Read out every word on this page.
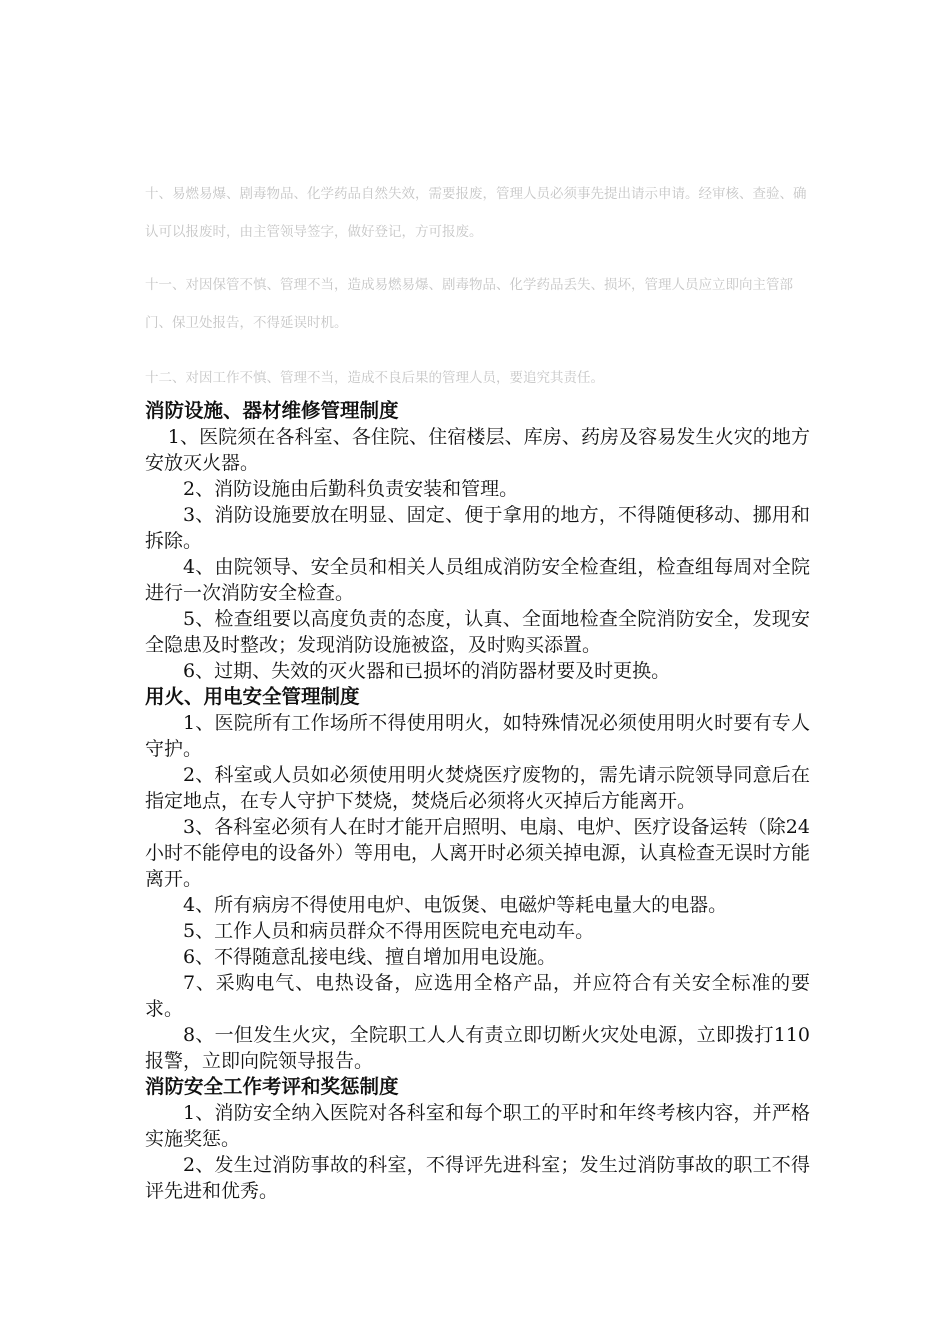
十、易燃易爆、剧毒物品、化学药品自然失效，需要报废，管理人员必须事先提出请示申请。经审核、查验、确认可以报废时，由主管领导签字，做好登记，方可报废。

十一、对因保管不慎、管理不当，造成易燃易爆、剧毒物品、化学药品丢失、损坏，管理人员应立即向主管部门、保卫处报告，不得延误时机。

十二、对因工作不慎、管理不当，造成不良后果的管理人员，要追究其责任。

消防设施、器材维修管理制度

1、医院须在各科室、各住院、住宿楼层、库房、药房及容易发生火灾的地方安放灭火器。

2、消防设施由后勤科负责安装和管理。

3、消防设施要放在明显、固定、便于拿用的地方，不得随便移动、挪用和拆除。

4、由院领导、安全员和相关人员组成消防安全检查组，检查组每周对全院进行一次消防安全检查。

5、检查组要以高度负责的态度，认真、全面地检查全院消防安全，发现安全隐患及时整改；发现消防设施被盗，及时购买添置。

6、过期、失效的灭火器和已损坏的消防器材要及时更换。

用火、用电安全管理制度

1、医院所有工作场所不得使用明火，如特殊情况必须使用明火时要有专人守护。

2、科室或人员如必须使用明火焚烧医疗废物的，需先请示院领导同意后在指定地点，在专人守护下焚烧，焚烧后必须将火灭掉后方能离开。

3、各科室必须有人在时才能开启照明、电扇、电炉、医疗设备运转（除24小时不能停电的设备外）等用电，人离开时必须关掉电源，认真检查无误时方能离开。

4、所有病房不得使用电炉、电饭煲、电磁炉等耗电量大的电器。

5、工作人员和病员群众不得用医院电充电动车。

6、不得随意乱接电线、擅自增加用电设施。

7、采购电气、电热设备，应选用全格产品，并应符合有关安全标准的要求。

8、一但发生火灾，全院职工人人有责立即切断火灾处电源，立即拨打110报警，立即向院领导报告。

消防安全工作考评和奖惩制度

1、消防安全纳入医院对各科室和每个职工的平时和年终考核内容，并严格实施奖惩。

2、发生过消防事故的科室，不得评先进科室；发生过消防事故的职工不得评先进和优秀。
